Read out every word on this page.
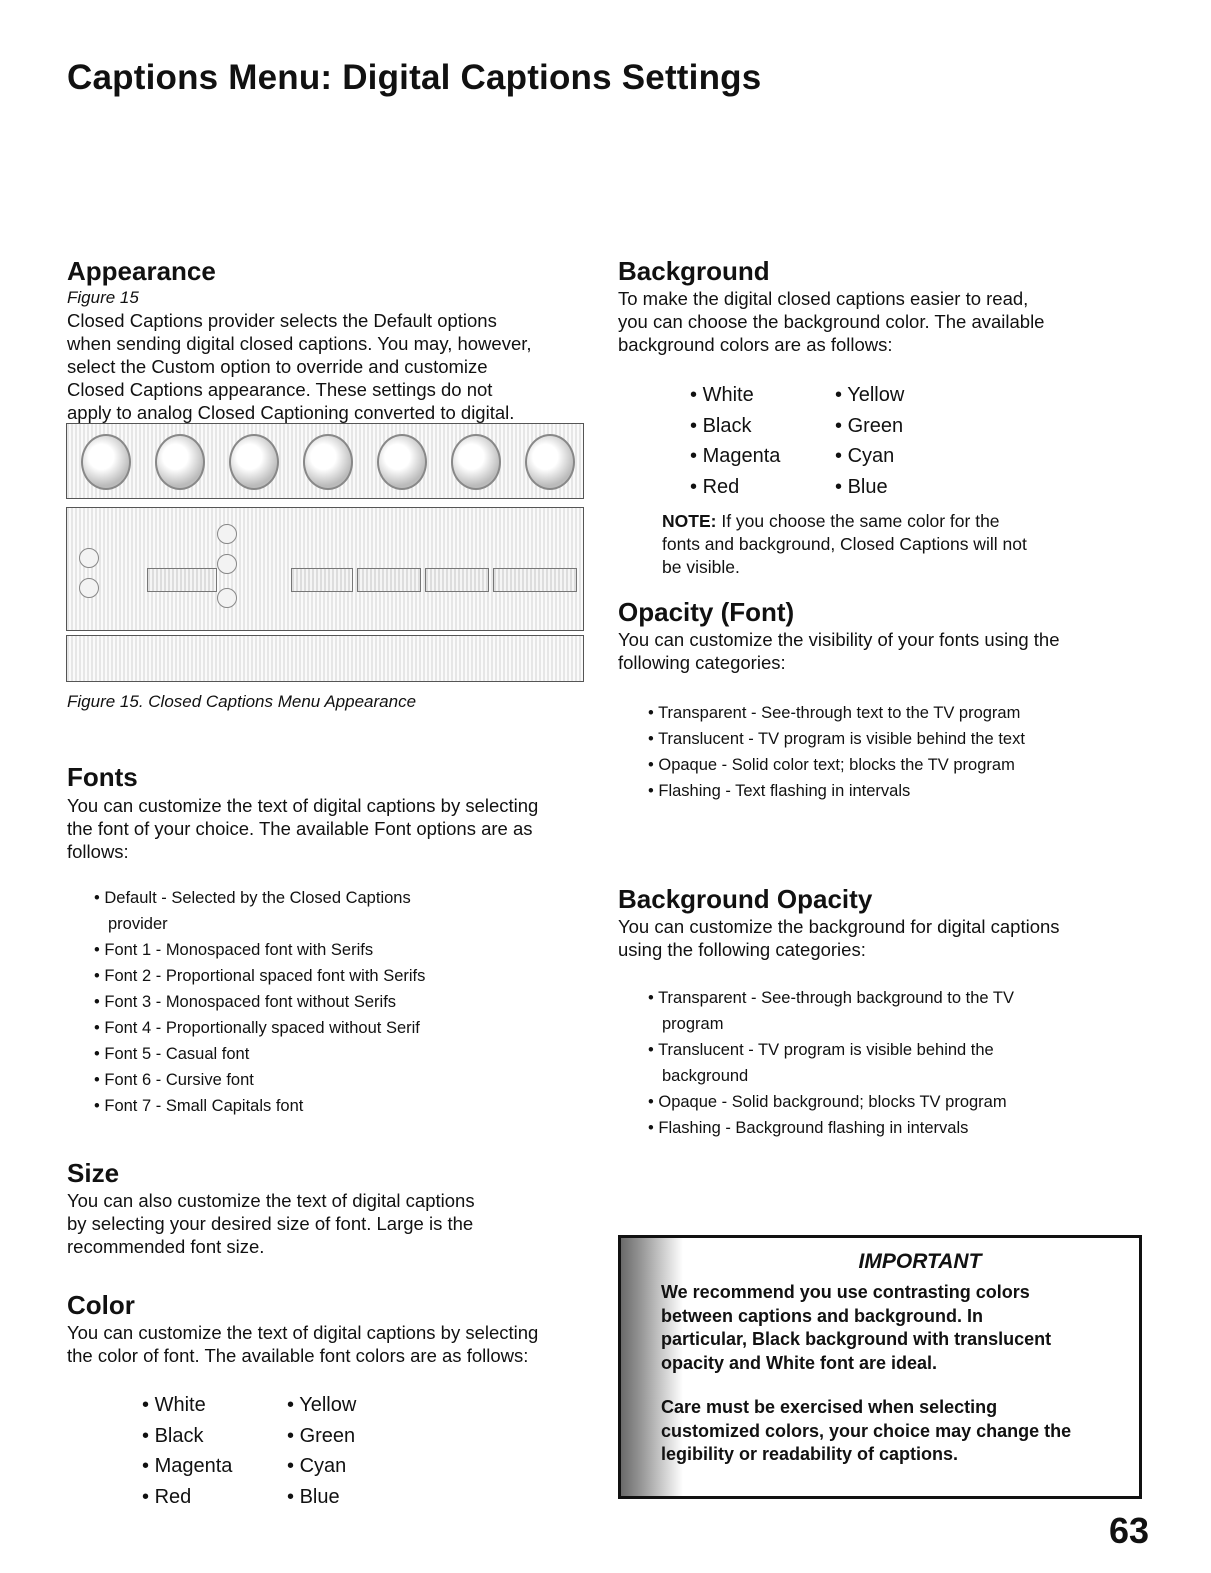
Captions Menu: Digital Captions Settings
Appearance
Figure 15
Closed Captions provider selects the Default options
when sending digital closed captions. You may, however,
select the Custom option to override and customize
Closed Captions appearance. These settings do not
apply to analog Closed Captioning converted to digital.
Figure 15. Closed Captions Menu Appearance
Fonts
You can customize the text of digital captions by selecting
the font of your choice. The available Font options are as
follows:
• Default - Selected by the Closed Captions provider
• Font 1 - Monospaced font with Serifs
• Font 2 - Proportional spaced font with Serifs
• Font 3 - Monospaced font without Serifs
• Font 4 - Proportionally spaced without Serif
• Font 5 - Casual font
• Font 6 - Cursive font
• Font 7 - Small Capitals font
Size
You can also customize the text of digital captions
by selecting your desired size of font. Large is the
recommended font size.
Color
You can customize the text of digital captions by selecting
the color of font. The available font colors are as follows:
• White	• Yellow
• Black	• Green
• Magenta	• Cyan
• Red	• Blue
Background
To make the digital closed captions easier to read,
you can choose the background color. The available
background colors are as follows:
• White	• Yellow
• Black	• Green
• Magenta	• Cyan
• Red	• Blue
NOTE: If you choose the same color for the
fonts and background, Closed Captions will not
be visible.
Opacity (Font)
You can customize the visibility of your fonts using the
following categories:
• Transparent - See-through text to the TV program
• Translucent - TV program is visible behind the text
• Opaque - Solid color text; blocks the TV program
• Flashing - Text flashing in intervals
Background Opacity
You can customize the background for digital captions
using the following categories:
• Transparent - See-through background to the TV program
• Translucent - TV program is visible behind the background
• Opaque - Solid background; blocks TV program
• Flashing - Background flashing in intervals
IMPORTANT
We recommend you use contrasting colors
between captions and background. In
particular, Black background with translucent
opacity and White font are ideal.
Care must be exercised when selecting
customized colors, your choice may change the
legibility or readability of captions.
63
